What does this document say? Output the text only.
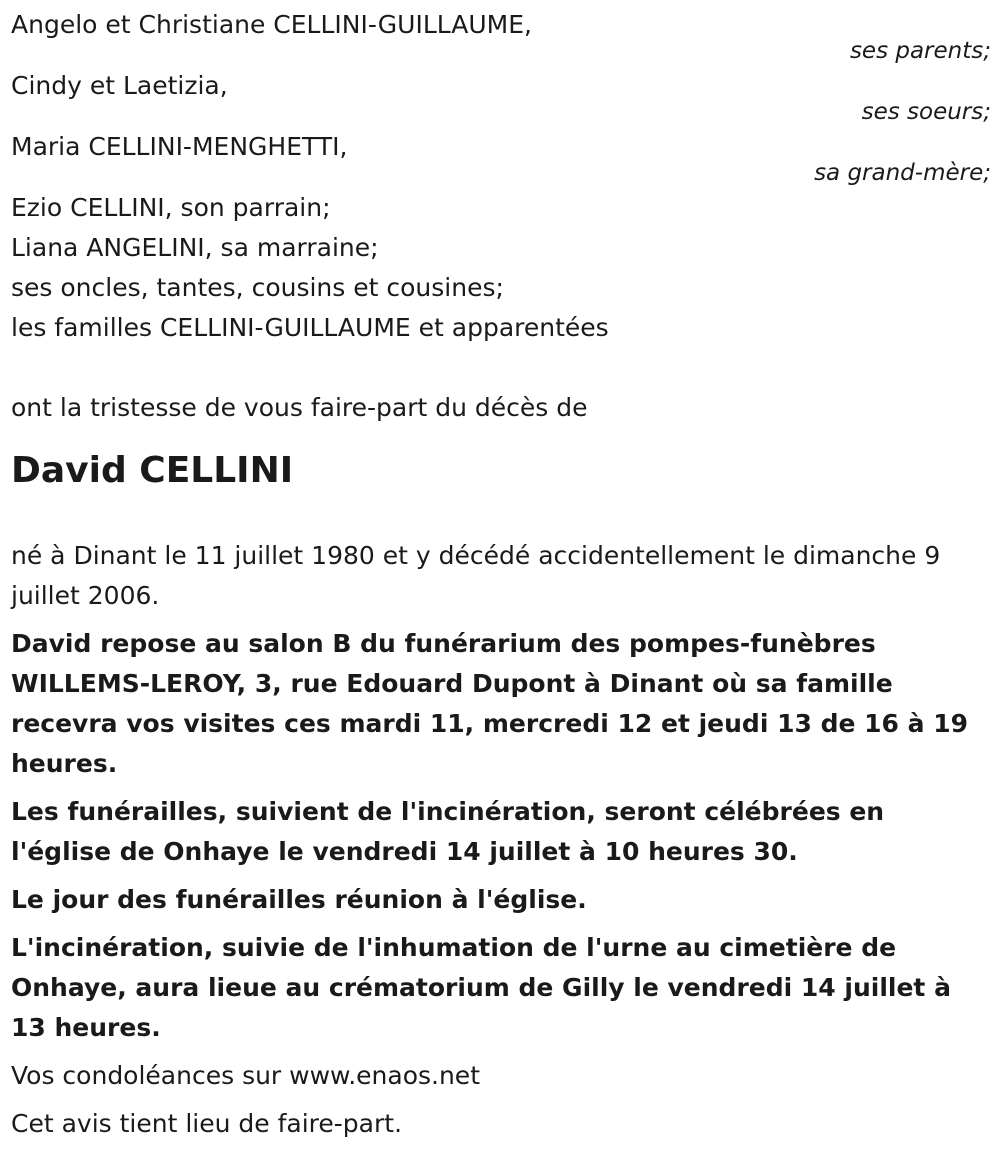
Angelo et Christiane CELLINI-GUILLAUME,
ses parents;
Cindy et Laetizia,
ses soeurs;
Maria CELLINI-MENGHETTI,
sa grand-mère;
Ezio CELLINI, son parrain;
Liana ANGELINI, sa marraine;
ses oncles, tantes, cousins et cousines;
les familles CELLINI-GUILLAUME et apparentées
ont la tristesse de vous faire-part du décès de
David CELLINI
né à Dinant le 11 juillet 1980 et y décédé accidentellement le dimanche 9 juillet 2006.
David repose au salon B du funérarium des pompes-funèbres WILLEMS-LEROY, 3, rue Edouard Dupont à Dinant où sa famille recevra vos visites ces mardi 11, mercredi 12 et jeudi 13 de 16 à 19 heures.
Les funérailles, suivient de l'incinération, seront célébrées en l'église de Onhaye le vendredi 14 juillet à 10 heures 30.
Le jour des funérailles réunion à l'église.
L'incinération, suivie de l'inhumation de l'urne au cimetière de Onhaye, aura lieue au crématorium de Gilly le vendredi 14 juillet à 13 heures.
Vos condoléances sur www.enaos.net
Cet avis tient lieu de faire-part.
